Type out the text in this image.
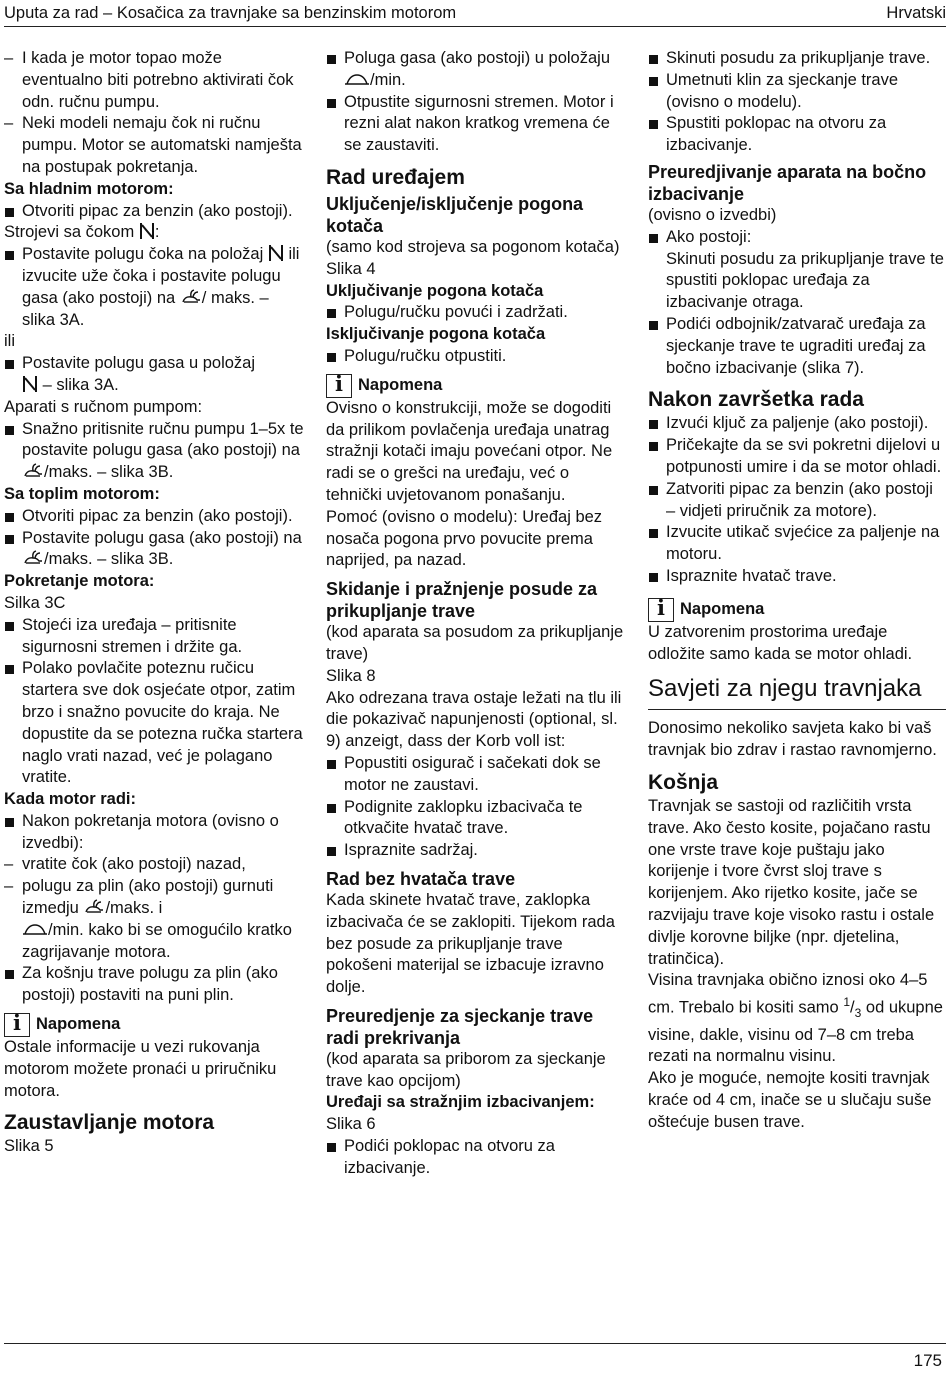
Uputa za rad – Kosačica za travnjake sa benzinskim motorom	Hrvatski

– I kada je motor topao može eventualno biti potrebno aktivirati čok odn. ručnu pumpu.

– Neki modeli nemaju čok ni ručnu pumpu. Motor se automatski namješta na postupak pokretanja.

Sa hladnim motorom:

Otvoriti pipac za benzin (ako postoji).

Strojevi sa čokom :

Postavite polugu čoka na položaj ili izvucite uže čoka i postavite polugu gasa (ako postoji) na / maks. – slika 3A.

ili

Postavite polugu gasa u položaj
– slika 3A.

Aparati s ručnom pumpom:

Snažno pritisnite ručnu pumpu 1–5x te postavite polugu gasa (ako postoji) na /maks. – slika 3B.

Sa toplim motorom:

Otvoriti pipac za benzin (ako postoji).

Postavite polugu gasa (ako postoji) na /maks. – slika 3B.

Pokretanje motora:

Silka 3C

Stojeći iza uređaja – pritisnite sigurnosni stremen i držite ga.

Polako povlačite poteznu ručicu startera sve dok osjećate otpor, zatim brzo i snažno povucite do kraja. Ne dopustite da se potezna ručka startera naglo vrati nazad, već je polagano vratite.

Kada motor radi:

Nakon pokretanja motora (ovisno o izvedbi):

– vratite čok (ako postoji) nazad,

– polugu za plin (ako postoji) gurnuti izmedju /maks. i
/min. kako bi se omogućilo kratko zagrijavanje motora.

Za košnju trave polugu za plin (ako postoji) postaviti na puni plin.

i
Napomena

Ostale informacije u vezi rukovanja motorom možete pronaći u priručniku motora.

Zaustavljanje motora

Slika 5

Poluga gasa (ako postoji) u položaju /min.

Otpustite sigurnosni stremen. Motor i rezni alat nakon kratkog vremena će se zaustaviti.

Rad uređajem

Uključenje/isključenje pogona kotača

(samo kod strojeva sa pogonom kotača)

Slika 4

Uključivanje pogona kotača

Polugu/ručku povući i zadržati.

Isključivanje pogona kotača

Polugu/ručku otpustiti.

i
Napomena

Ovisno o konstrukciji, može se dogoditi da prilikom povlačenja uređaja unatrag stražnji kotači imaju povećani otpor. Ne radi se o grešci na uređaju, već o tehnički uvjetovanom ponašanju.

Pomoć (ovisno o modelu): Uređaj bez nosača pogona prvo povucite prema naprijed, pa nazad.

Skidanje i pražnjenje posude za prikupljanje trave

(kod aparata sa posudom za prikupljanje trave)

Slika 8

Ako odrezana trava ostaje ležati na tlu ili die pokazivač napunjenosti (optional, sl. 9) anzeigt, dass der Korb voll ist:

Popustiti osigurač i sačekati dok se motor ne zaustavi.

Podignite zaklopku izbacivača te otkvačite hvatač trave.

Ispraznite sadržaj.

Rad bez hvatača trave

Kada skinete hvatač trave, zaklopka izbacivača će se zaklopiti. Tijekom rada bez posude za prikupljanje trave pokošeni materijal se izbacuje izravno dolje.

Preuredjenje za sjeckanje trave radi prekrivanja

(kod aparata sa priborom za sjeckanje trave kao opcijom)

Uređaji sa stražnjim izbacivanjem:

Slika 6

Podići poklopac na otvoru za izbacivanje.

Skinuti posudu za prikupljanje trave.

Umetnuti klin za sjeckanje trave (ovisno o modelu).

Spustiti poklopac na otvoru za izbacivanje.

Preuredjivanje aparata na bočno izbacivanje

(ovisno o izvedbi)

Ako postoji:
Skinuti posudu za prikupljanje trave te spustiti poklopac uređaja za izbacivanje otraga.

Podići odbojnik/zatvarač uređaja za sjeckanje trave te ugraditi uređaj za bočno izbacivanje (slika 7).

Nakon završetka rada

Izvući ključ za paljenje (ako postoji).

Pričekajte da se svi pokretni dijelovi u potpunosti umire i da se motor ohladi.

Zatvoriti pipac za benzin (ako postoji – vidjeti priručnik za motore).

Izvucite utikač svjećice za paljenje na motoru.

Ispraznite hvatač trave.

i
Napomena

U zatvorenim prostorima uređaje odložite samo kada se motor ohladi.

Savjeti za njegu travnjaka

Donosimo nekoliko savjeta kako bi vaš travnjak bio zdrav i rastao ravnomjerno.

Košnja

Travnjak se sastoji od različitih vrsta trave. Ako često kosite, pojačano rastu one vrste trave koje puštaju jako korijenje i tvore čvrst sloj trave s korijenjem. Ako rijetko kosite, jače se razvijaju trave koje visoko rastu i ostale divlje korovne biljke (npr. djetelina, tratinčica).

Visina travnjaka obično iznosi oko 4–5 cm. Trebalo bi kositi samo $^1/_3$ od ukupne visine, dakle, visinu od 7–8 cm treba rezati na normalnu visinu.

Ako je moguće, nemojte kositi travnjak kraće od 4 cm, inače se u slučaju suše oštećuje busen trave.

175
